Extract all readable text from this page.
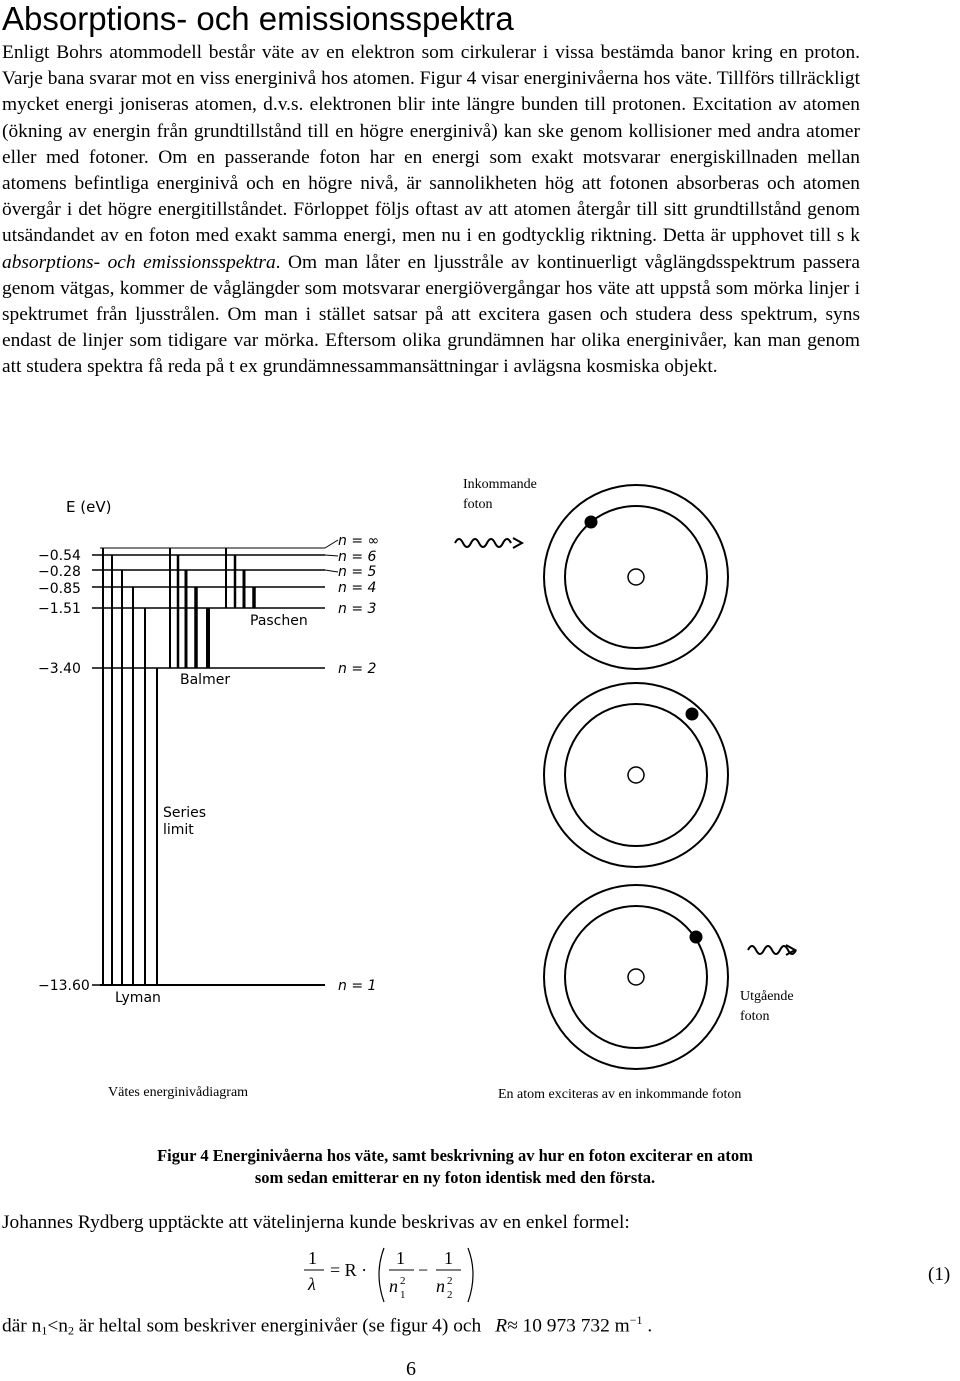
Absorptions- och emissionsspektra

Enligt Bohrs atommodell består väte av en elektron som cirkulerar i vissa bestämda banor kring en proton. Varje bana svarar mot en viss energinivå hos atomen. Figur 4 visar energinivåerna hos väte. Tillförs tillräckligt mycket energi joniseras atomen, d.v.s. elektronen blir inte längre bunden till protonen. Excitation av atomen (ökning av energin från grundtillstånd till en högre energinivå) kan ske genom kollisioner med andra atomer eller med fotoner. Om en passerande foton har en energi som exakt motsvarar energiskillnaden mellan atomens befintliga energinivå och en högre nivå, är sannolikheten hög att fotonen absorberas och atomen övergår i det högre energitillståndet. Förloppet följs oftast av att atomen återgår till sitt grundtillstånd genom utsändandet av en foton med exakt samma energi, men nu i en godtycklig riktning. Detta är upphovet till s k absorptions- och emissionsspektra. Om man låter en ljusstråle av kontinuerligt våglängdsspektrum passera genom vätgas, kommer de våglängder som motsvarar energiövergångar hos väte att uppstå som mörka linjer i spektrumet från ljusstrålen. Om man i stället satsar på att excitera gasen och studera dess spektrum, syns endast de linjer som tidigare var mörka. Eftersom olika grundämnen har olika energinivåer, kan man genom att studera spektra få reda på t ex grundämnessammansättningar i avlägsna kosmiska objekt.

E (eV)
−0.54
−0.28
−0.85
−1.51
−3.40
−13.60
n = ∞
n = 6
n = 5
n = 4
n = 3
n = 2
n = 1
Paschen
Balmer
Lyman
Series
limit
Vätes energinivådiagram
Inkommande
foton
Utgående
foton
En atom exciteras av en inkommande foton

Figur 4 Energinivåerna hos väte, samt beskrivning av hur en foton exciterar en atom
som sedan emitterar en ny foton identisk med den första.

Johannes Rydberg upptäckte att vätelinjerna kunde beskrivas av en enkel formel:
1
λ
= R ·
1
n 2
1
−
1
n 2
2
(1)
där $n_1<n_2$ är heltal som beskriver energinivåer (se figur 4) och R≈ 10 973 732 $m^{-1}$ .
6
